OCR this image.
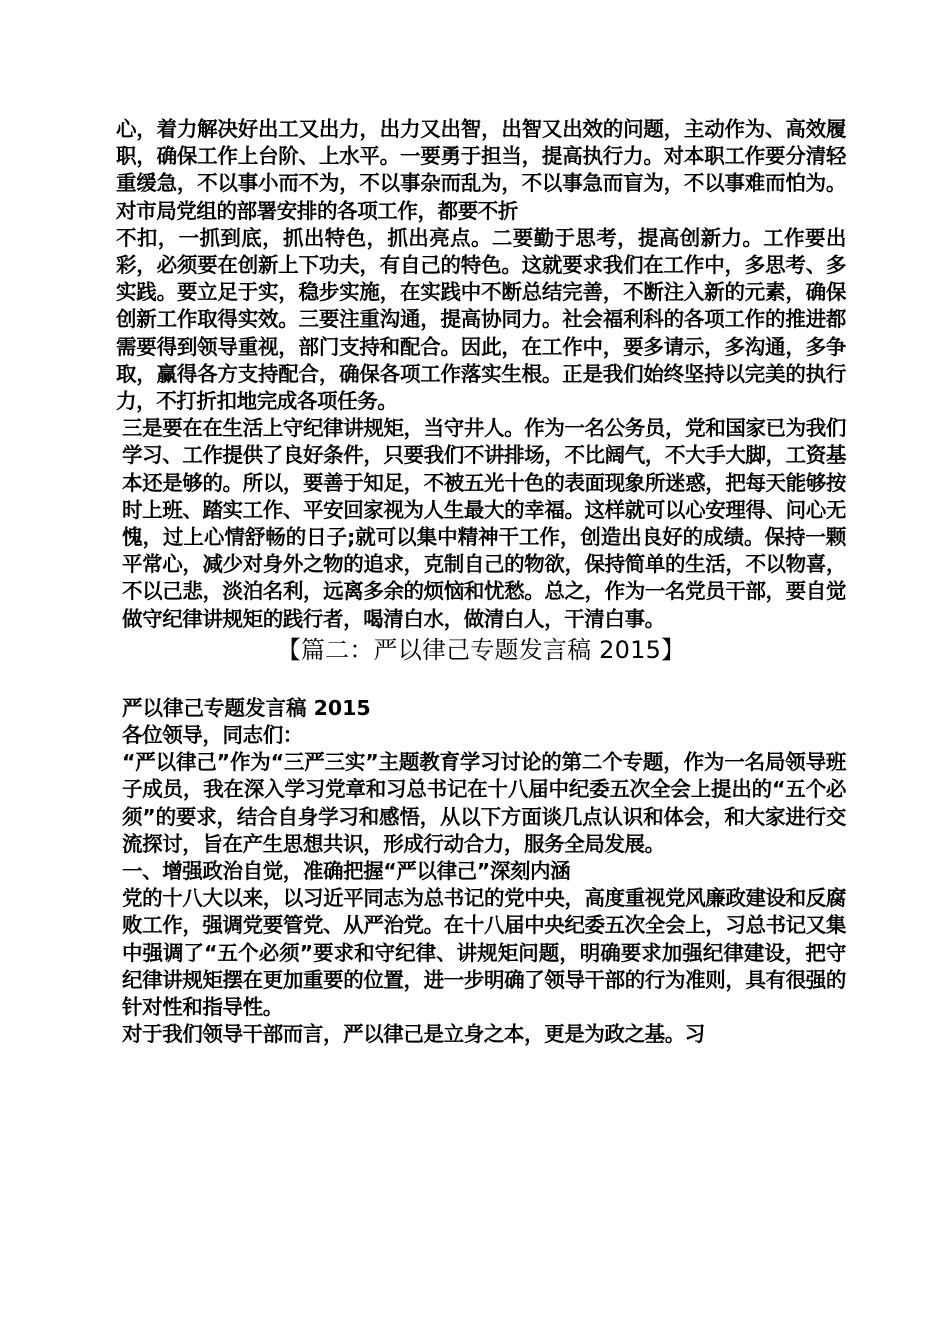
心，着力解决好出工又出力，出力又出智，出智又出效的问题，主动作为、高效履职，确保工作上台阶、上水平。一要勇于担当，提高执行力。对本职工作要分清轻重缓急，不以事小而不为，不以事杂而乱为，不以事急而盲为，不以事难而怕为。对市局党组的部署安排的各项工作，都要不折

不扣，一抓到底，抓出特色，抓出亮点。二要勤于思考，提高创新力。工作要出彩，必须要在创新上下功夫，有自己的特色。这就要求我们在工作中，多思考、多实践。要立足于实，稳步实施，在实践中不断总结完善，不断注入新的元素，确保创新工作取得实效。三要注重沟通，提高协同力。社会福利科的各项工作的推进都需要得到领导重视，部门支持和配合。因此，在工作中，要多请示，多沟通，多争取，赢得各方支持配合，确保各项工作落实生根。正是我们始终坚持以完美的执行力，不打折扣地完成各项任务。

三是要在在生活上守纪律讲规矩，当守井人。作为一名公务员，党和国家已为我们学习、工作提供了良好条件，只要我们不讲排场，不比阔气，不大手大脚，工资基本还是够的。所以，要善于知足，不被五光十色的表面现象所迷惑，把每天能够按时上班、踏实工作、平安回家视为人生最大的幸福。这样就可以心安理得、问心无愧，过上心情舒畅的日子;就可以集中精神干工作，创造出良好的成绩。保持一颗平常心，减少对身外之物的追求，克制自己的物欲，保持简单的生活，不以物喜，不以己悲，淡泊名利，远离多余的烦恼和忧愁。总之，作为一名党员干部，要自觉做守纪律讲规矩的践行者，喝清白水，做清白人，干清白事。

【篇二：严以律己专题发言稿 2015】

严以律己专题发言稿 2015

各位领导，同志们：

“严以律己”作为“三严三实”主题教育学习讨论的第二个专题，作为一名局领导班子成员，我在深入学习党章和习总书记在十八届中纪委五次全会上提出的“五个必须”的要求，结合自身学习和感悟，从以下方面谈几点认识和体会，和大家进行交流探讨，旨在产生思想共识，形成行动合力，服务全局发展。

一、增强政治自觉，准确把握“严以律己”深刻内涵

党的十八大以来，以习近平同志为总书记的党中央，高度重视党风廉政建设和反腐败工作，强调党要管党、从严治党。在十八届中央纪委五次全会上，习总书记又集中强调了“五个必须”要求和守纪律、讲规矩问题，明确要求加强纪律建设，把守纪律讲规矩摆在更加重要的位置，进一步明确了领导干部的行为准则，具有很强的针对性和指导性。

对于我们领导干部而言，严以律己是立身之本，更是为政之基。习
